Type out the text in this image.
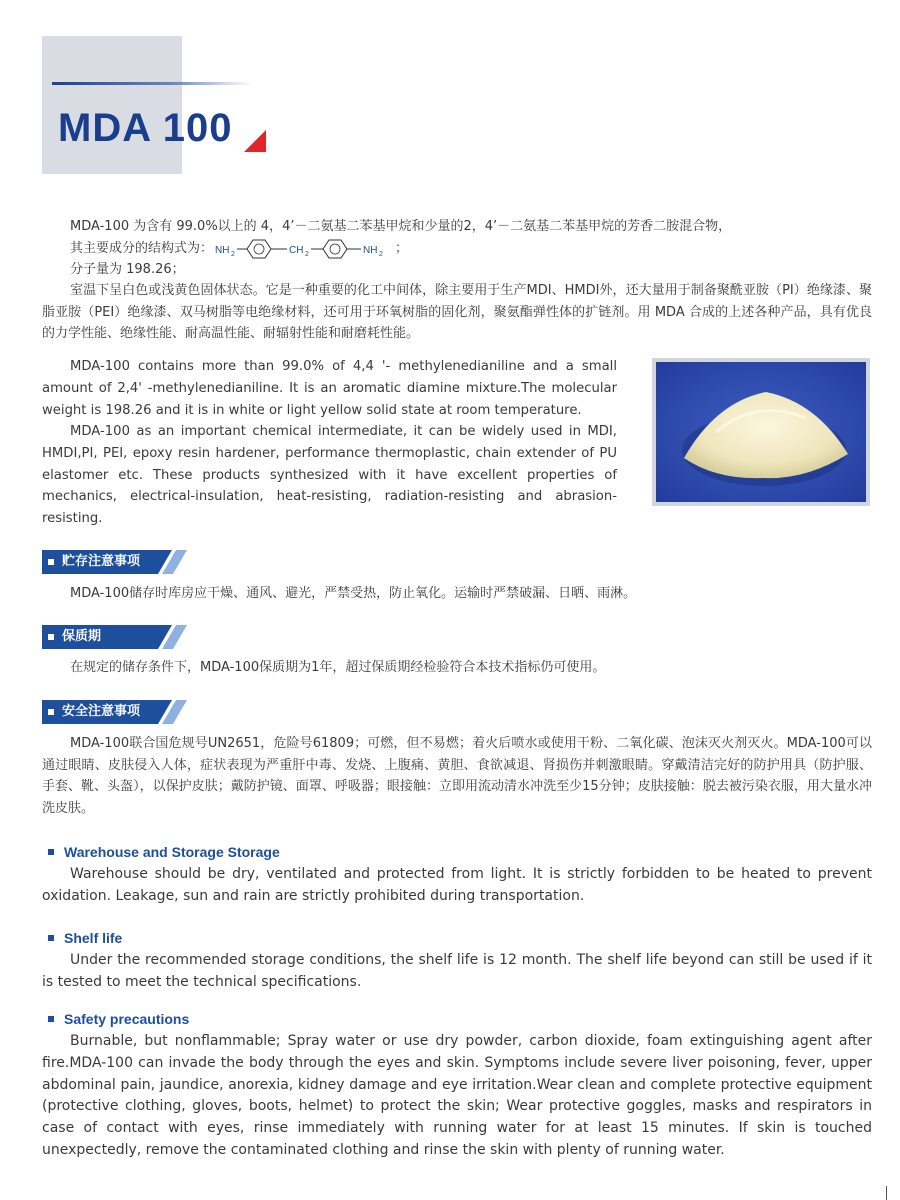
MDA 100
MDA-100 为含有 99.0%以上的 4，4’－二氨基二苯基甲烷和少量的2，4’－二氨基二苯基甲烷的芳香二胺混合物，
其主要成分的结构式为： NH 2	CH 2	NH 2 ；
分子量为 198.26；
室温下呈白色或浅黄色固体状态。它是一种重要的化工中间体，除主要用于生产MDI、HMDI外，还大量用于制备聚酰亚胺（PI）绝缘漆、聚脂亚胺（PEI）绝缘漆、双马树脂等电绝缘材料，还可用于环氧树脂的固化剂，聚氨酯弹性体的扩链剂。用 MDA 合成的上述各种产品，具有优良的力学性能、绝缘性能、耐高温性能、耐辐射性能和耐磨耗性能。
MDA-100 contains more than 99.0% of 4,4 '- methylenedianiline and a small amount of 2,4' -methylenedianiline. It is an aromatic diamine mixture.The molecular weight is 198.26 and it is in white or light yellow solid state at room temperature.
MDA-100 as an important chemical intermediate, it can be widely used in MDI, HMDI,PI, PEI, epoxy resin hardener, performance thermoplastic, chain extender of PU elastomer etc. These products synthesized with it have excellent properties of mechanics, electrical-insulation, heat-resisting, radiation-resisting and abrasion-resisting.
贮存注意事项
MDA-100储存时库房应干燥、通风、避光，严禁受热，防止氧化。运输时严禁破漏、日晒、雨淋。
保质期
在规定的储存条件下，MDA-100保质期为1年，超过保质期经检验符合本技术指标仍可使用。
安全注意事项
MDA-100联合国危规号UN2651，危险号61809；可燃，但不易燃；着火后喷水或使用干粉、二氧化碳、泡沫灭火剂灭火。MDA-100可以通过眼睛、皮肤侵入人体，症状表现为严重肝中毒、发烧、上腹痛、黄胆、食欲减退、肾损伤并刺激眼睛。穿戴清洁完好的防护用具（防护服、手套、靴、头盔），以保护皮肤；戴防护镜、面罩、呼吸器；眼接触：立即用流动清水冲洗至少15分钟；皮肤接触：脱去被污染衣服，用大量水冲洗皮肤。
Warehouse and Storage Storage
Warehouse should be dry, ventilated and protected from light. It is strictly forbidden to be heated to prevent oxidation. Leakage, sun and rain are strictly prohibited during transportation.
Shelf life
Under the recommended storage conditions, the shelf life is 12 month. The shelf life beyond can still be used if it is tested to meet the technical specifications.
Safety precautions
Burnable, but nonflammable; Spray water or use dry powder, carbon dioxide, foam extinguishing agent after fire.MDA-100 can invade the body through the eyes and skin. Symptoms include severe liver poisoning, fever, upper abdominal pain, jaundice, anorexia, kidney damage and eye irritation.Wear clean and complete protective equipment (protective clothing, gloves, boots, helmet) to protect the skin; Wear protective goggles, masks and respirators in case of contact with eyes, rinse immediately with running water for at least 15 minutes. If skin is touched unexpectedly, remove the contaminated clothing and rinse the skin with plenty of running water.
